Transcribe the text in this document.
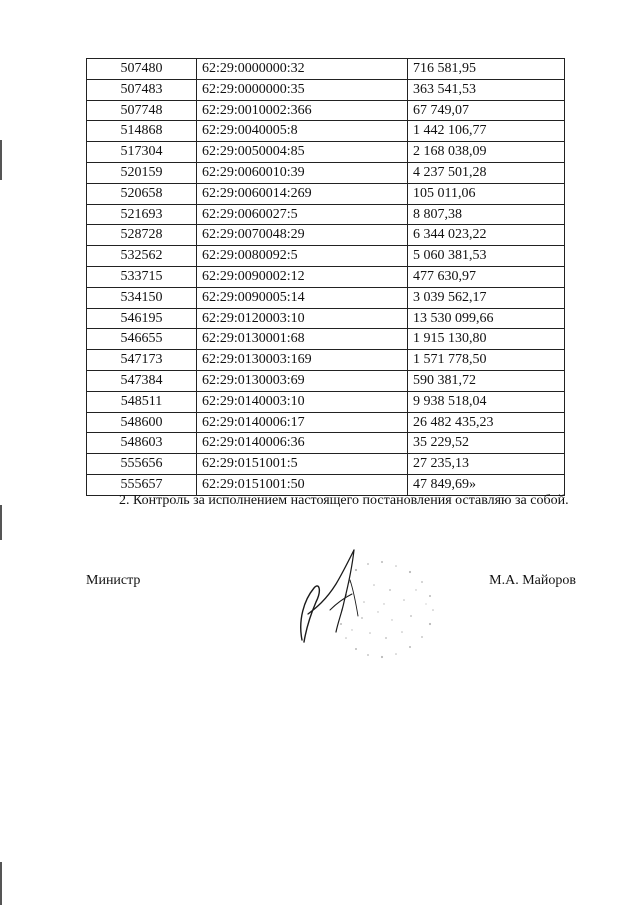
507480	62:29:0000000:32	716 581,95
507483	62:29:0000000:35	363 541,53
507748	62:29:0010002:366	67 749,07
514868	62:29:0040005:8	1 442 106,77
517304	62:29:0050004:85	2 168 038,09
520159	62:29:0060010:39	4 237 501,28
520658	62:29:0060014:269	105 011,06
521693	62:29:0060027:5	8 807,38
528728	62:29:0070048:29	6 344 023,22
532562	62:29:0080092:5	5 060 381,53
533715	62:29:0090002:12	477 630,97
534150	62:29:0090005:14	3 039 562,17
546195	62:29:0120003:10	13 530 099,66
546655	62:29:0130001:68	1 915 130,80
547173	62:29:0130003:169	1 571 778,50
547384	62:29:0130003:69	590 381,72
548511	62:29:0140003:10	9 938 518,04
548600	62:29:0140006:17	26 482 435,23
548603	62:29:0140006:36	35 229,52
555656	62:29:0151001:5	27 235,13
555657	62:29:0151001:50	47 849,69»

2. Контроль за исполнением настоящего постановления оставляю за собой.

Министр	М.А. Майоров
